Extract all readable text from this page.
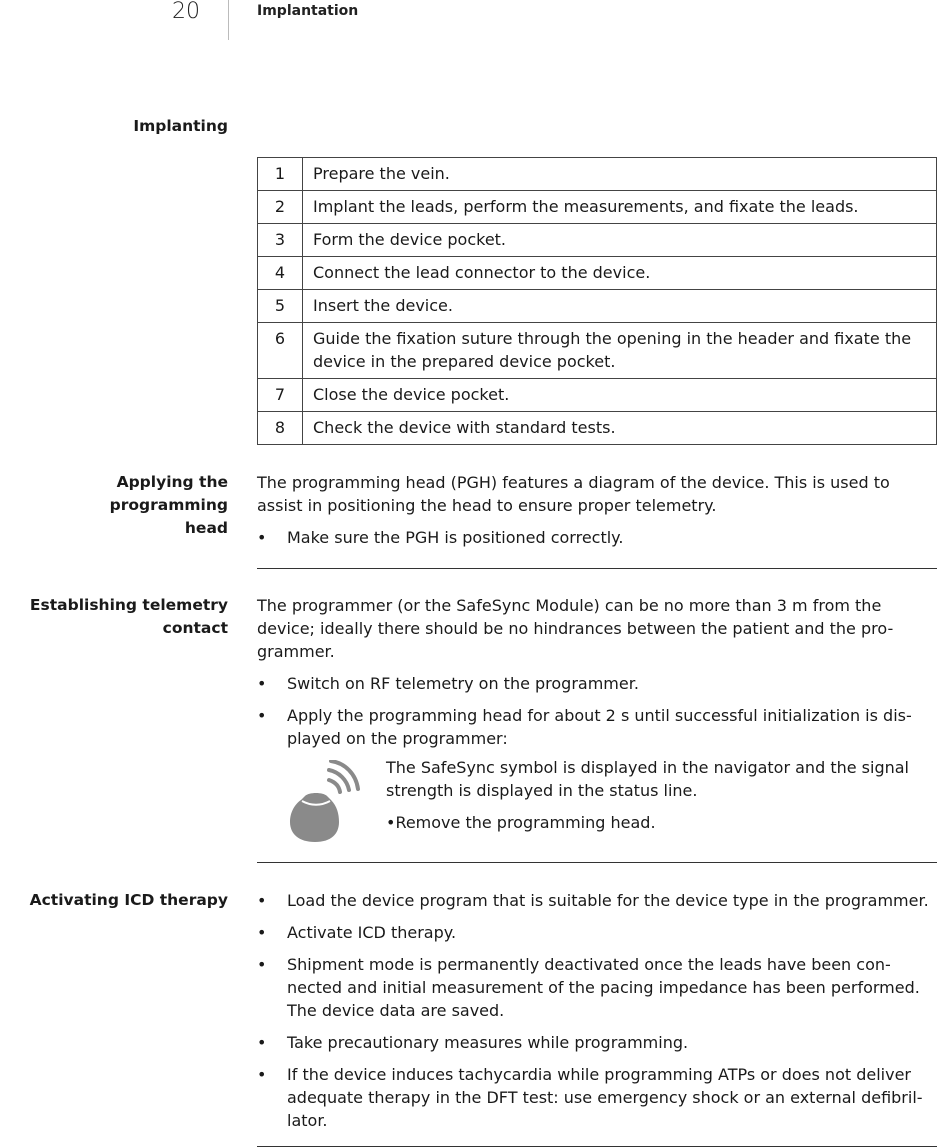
20	Implantation
Implanting
1	Prepare the vein.
2	Implant the leads, perform the measurements, and fixate the leads.
3	Form the device pocket.
4	Connect the lead connector to the device.
5	Insert the device.
6	Guide the fixation suture through the opening in the header and fixate the device in the prepared device pocket.
7	Close the device pocket.
8	Check the device with standard tests.
Applying the programming
head

The programming head (PGH) features a diagram of the device. This is used to assist in positioning the head to ensure proper telemetry.

•	Make sure the PGH is positioned correctly.
Establishing telemetry
contact

The programmer (or the SafeSync Module) can be no more than 3 m from the device; ideally there should be no hindrances between the patient and the pro-grammer.

•	Switch on RF telemetry on the programmer.
•	Apply the programming head for about 2 s until successful initialization is dis-played on the programmer:

The SafeSync symbol is displayed in the navigator and the signal strength is displayed in the status line.

•Remove the programming head.

Activating ICD therapy •	Load the device program that is suitable for the device type in the programmer.
•	Activate ICD therapy.
•	Shipment mode is permanently deactivated once the leads have been con-nected and initial measurement of the pacing impedance has been performed. The device data are saved.
•	Take precautionary measures while programming.
•	If the device induces tachycardia while programming ATPs or does not deliver adequate therapy in the DFT test: use emergency shock or an external defibril-lator.
